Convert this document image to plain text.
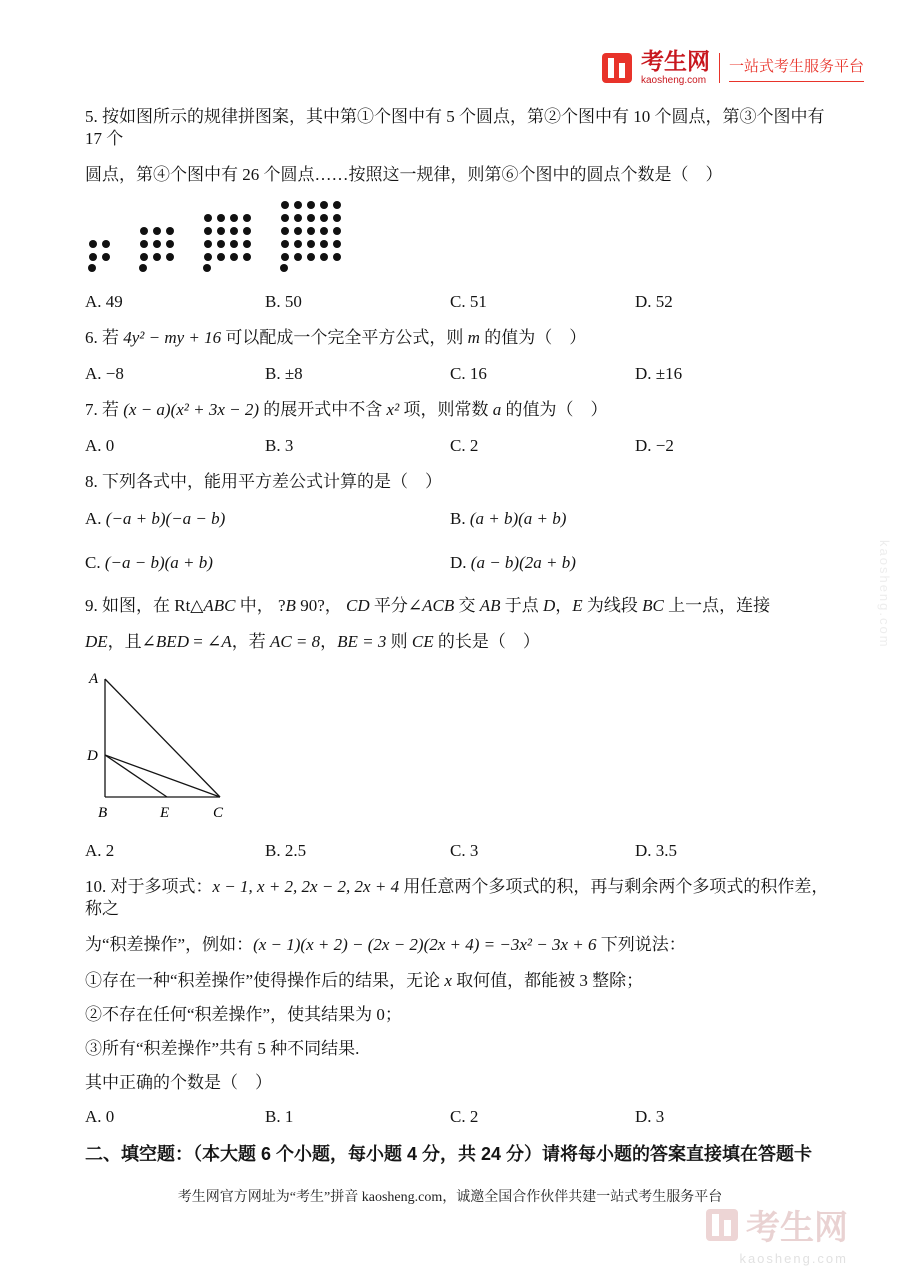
考生网
kaosheng.com
一站式考生服务平台
5. 按如图所示的规律拼图案，其中第①个图中有 5 个圆点，第②个图中有 10 个圆点，第③个图中有 17 个
圆点，第④个图中有 26 个圆点……按照这一规律，则第⑥个图中的圆点个数是（　）
A. 49	B. 50	C. 51	D. 52
6. 若 4y² − my + 16 可以配成一个完全平方公式，则 m 的值为（　）
A. −8	B. ±8	C. 16	D. ±16
7. 若 (x − a)(x² + 3x − 2) 的展开式中不含 x² 项，则常数 a 的值为（　）
A. 0	B. 3	C. 2	D. −2
8. 下列各式中，能用平方差公式计算的是（　）
A. (−a + b)(−a − b)	B. (a + b)(a + b)
C. (−a − b)(a + b)	D. (a − b)(2a + b)
9. 如图，在 Rt△ABC 中， ?B 90?， CD 平分∠ACB 交 AB 于点 D，E 为线段 BC 上一点，连接
DE，且∠BED = ∠A，若 AC = 8，BE = 3 则 CE 的长是（　）
A
D
B	E	C
A. 2	B. 2.5	C. 3	D. 3.5
10. 对于多项式：x − 1, x + 2, 2x − 2, 2x + 4 用任意两个多项式的积，再与剩余两个多项式的积作差，称之
为“积差操作”，例如：(x − 1)(x + 2) − (2x − 2)(2x + 4) = −3x² − 3x + 6 下列说法：
①存在一种“积差操作”使得操作后的结果，无论 x 取何值，都能被 3 整除；
②不存在任何“积差操作”，使其结果为 0；
③所有“积差操作”共有 5 种不同结果.
其中正确的个数是（　）
A. 0	B. 1	C. 2	D. 3
二、填空题：（本大题 6 个小题，每小题 4 分，共 24 分）请将每小题的答案直接填在答题卡
考生网官方网址为“考生”拼音 kaosheng.com，诚邀全国合作伙伴共建一站式考生服务平台
kaosheng.com
考生网
kaosheng.com
